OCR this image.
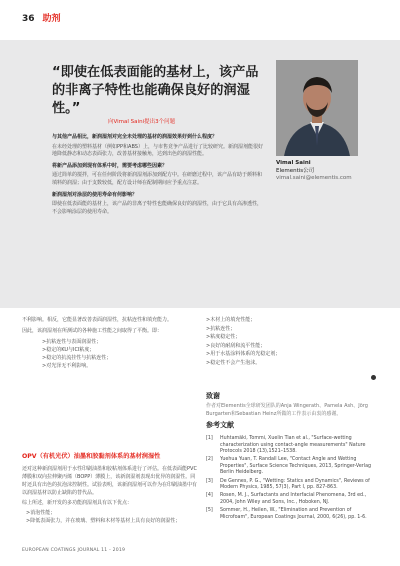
36 助剂
“即使在低表面能的基材上，该产品的非离子特性也能确保良好的润湿性。”
向Vimal Saini提出3个问题
与其他产品相比，新润湿剂对完全未处理的基材的润湿效果好到什么程度？
在未经处理的塑料基材（例如PP和ABS）上，与市售竞争产品进行了比较研究。新润湿剂能很好地降低静态和动态表面张力，改善基材接触角，达到出色的润湿性能。
将新产品添加到现有体系中时，需要考虑哪些因素？
通过简单的搅拌，可在任何阶段将新润湿剂添加到配方中。在研磨过程中，该产品有助于颜料和填料的润湿；由于支数较低，配方设计师在配制期间应予重点注意。
新润湿剂对涂层的使用寿命有何影响？
即使在低表面能的基材上，该产品的非离子特性也能确保良好的润湿性，由于它具有高渗透性，不会影响涂层的使用寿命。
Vimal Saini
Elementis公司
vimal.saini@elementis.com

不利影响。相反，它能显著改善表面润湿性，抗粘连性和填充能力。

因此，该润湿剂在所测试的各种施工性能之间取得了平衡。即：

>抗粘连性与表面润湿性；
>稳定的KU与ICI粘度；
>稳定的抗流挂性与抗粘连性；
>对光泽无不利影响。
OPV（有机光伏）油墨和胶黏剂体系的基材润湿性

还对这种新润湿剂用于水性印刷油墨和胶粘剂体系进行了评估。在低表面能PVC薄膜和双向拉伸聚丙烯（BOPP）薄膜上，该新润湿剂表现出优异的润湿性。同时还具有出色的抗泡沫控制性。试验表明，该新润湿剂可以作为在印刷油墨中有以润湿基材以防止缺陷的替代品。

综上所述，新开发的多功能润湿剂具有以下优点：

>消泡性能；
>降低表面张力，并在玻璃、塑料和木材等基材上具有良好的润湿性；
>木材上的填充性能；
>抗粘连性；
>粘度稳定性；
>良好的耐刮和流平性能；
>用于水基涂料体系的光稳定剂；
>稳定性不会产生泡沫。
致谢
作者对Elementis全球研发团队的Anja Wingerath、Pamela Ash、Jörg Burgarten和Sebastian Heinz所做的工作表示由衷的感谢。
参考文献
[1]	Huhtamäki, Tommi, Xuelin Tian et al., "Surface-wetting characterization using contact-angle measurements" Nature Protocols 2018 (13),1521–1538.
[2]	Yuehua Yuan, T. Randall Lee, "Contact Angle and Wetting Properties", Surface Science Techniques, 2013, Springer-Verlag Berlin Heidelberg.
[3]	De Gennes, P. G., "Wetting: Statics and Dynamics", Reviews of Modern Physics, 1985, 57(3), Part I, pp. 827-863.
[4]	Rosen, M. J., Surfactants and Interfacial Phenomena, 3rd ed., 2004, John Wiley and Sons, Inc., Hoboken, NJ.
[5]	Sommer, H., Heilen, W., "Elimination and Prevention of Microfoam", European Coatings Journal, 2000, 6(26), pp. 1-6.
EUROPEAN COATINGS JOURNAL 11 - 2019
